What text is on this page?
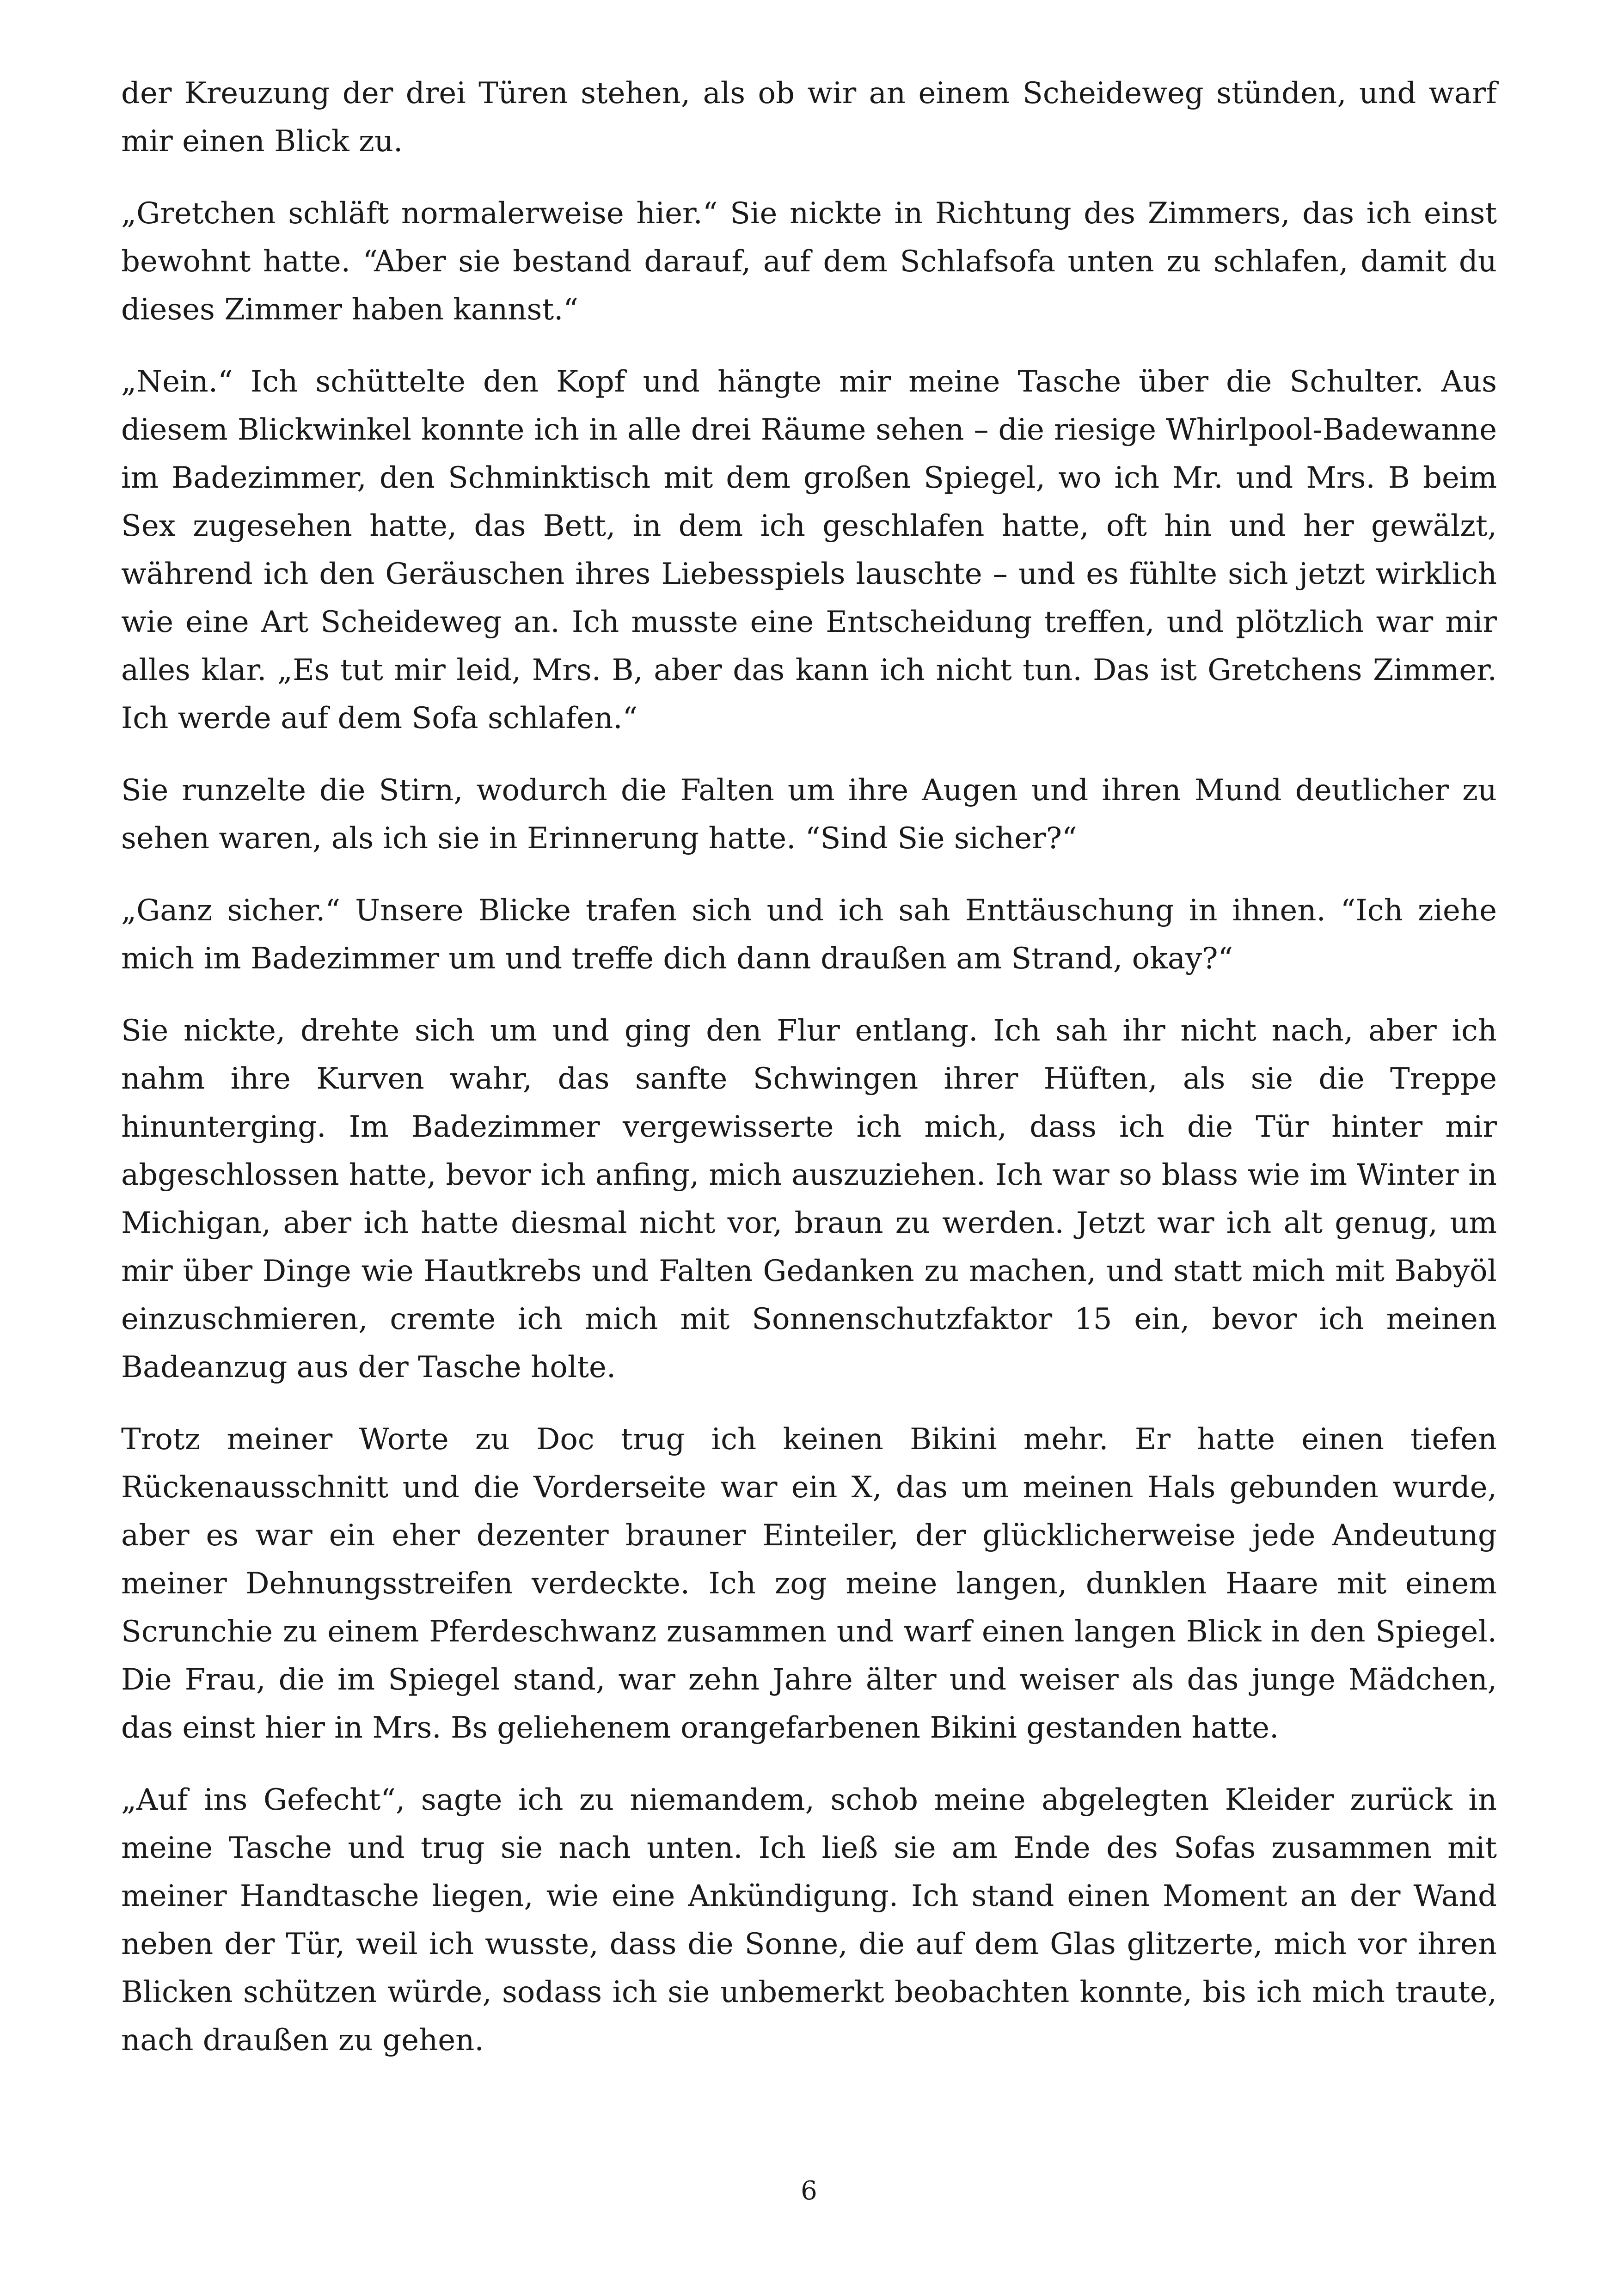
der Kreuzung der drei Türen stehen, als ob wir an einem Scheideweg stünden, und warf mir einen Blick zu.

„Gretchen schläft normalerweise hier.“ Sie nickte in Richtung des Zimmers, das ich einst bewohnt hatte. “Aber sie bestand darauf, auf dem Schlafsofa unten zu schlafen, damit du dieses Zimmer haben kannst.“

„Nein.“ Ich schüttelte den Kopf und hängte mir meine Tasche über die Schulter. Aus diesem Blickwinkel konnte ich in alle drei Räume sehen – die riesige Whirlpool-Badewanne im Badezimmer, den Schminktisch mit dem großen Spiegel, wo ich Mr. und Mrs. B beim Sex zugesehen hatte, das Bett, in dem ich geschlafen hatte, oft hin und her gewälzt, während ich den Geräuschen ihres Liebesspiels lauschte – und es fühlte sich jetzt wirklich wie eine Art Scheideweg an. Ich musste eine Entscheidung treffen, und plötzlich war mir alles klar. „Es tut mir leid, Mrs. B, aber das kann ich nicht tun. Das ist Gretchens Zimmer. Ich werde auf dem Sofa schlafen.“

Sie runzelte die Stirn, wodurch die Falten um ihre Augen und ihren Mund deutlicher zu sehen waren, als ich sie in Erinnerung hatte. “Sind Sie sicher?“

„Ganz sicher.“ Unsere Blicke trafen sich und ich sah Enttäuschung in ihnen. “Ich ziehe mich im Badezimmer um und treffe dich dann draußen am Strand, okay?“

Sie nickte, drehte sich um und ging den Flur entlang. Ich sah ihr nicht nach, aber ich nahm ihre Kurven wahr, das sanfte Schwingen ihrer Hüften, als sie die Treppe hinunterging. Im Badezimmer vergewisserte ich mich, dass ich die Tür hinter mir abgeschlossen hatte, bevor ich anfing, mich auszuziehen. Ich war so blass wie im Winter in Michigan, aber ich hatte diesmal nicht vor, braun zu werden. Jetzt war ich alt genug, um mir über Dinge wie Hautkrebs und Falten Gedanken zu machen, und statt mich mit Babyöl einzuschmieren, cremte ich mich mit Sonnenschutzfaktor 15 ein, bevor ich meinen Badeanzug aus der Tasche holte.

Trotz meiner Worte zu Doc trug ich keinen Bikini mehr. Er hatte einen tiefen Rückenausschnitt und die Vorderseite war ein X, das um meinen Hals gebunden wurde, aber es war ein eher dezenter brauner Einteiler, der glücklicherweise jede Andeutung meiner Dehnungsstreifen verdeckte. Ich zog meine langen, dunklen Haare mit einem Scrunchie zu einem Pferdeschwanz zusammen und warf einen langen Blick in den Spiegel. Die Frau, die im Spiegel stand, war zehn Jahre älter und weiser als das junge Mädchen, das einst hier in Mrs. Bs geliehenem orangefarbenen Bikini gestanden hatte.

„Auf ins Gefecht“, sagte ich zu niemandem, schob meine abgelegten Kleider zurück in meine Tasche und trug sie nach unten. Ich ließ sie am Ende des Sofas zusammen mit meiner Handtasche liegen, wie eine Ankündigung. Ich stand einen Moment an der Wand neben der Tür, weil ich wusste, dass die Sonne, die auf dem Glas glitzerte, mich vor ihren Blicken schützen würde, sodass ich sie unbemerkt beobachten konnte, bis ich mich traute, nach draußen zu gehen.

6
